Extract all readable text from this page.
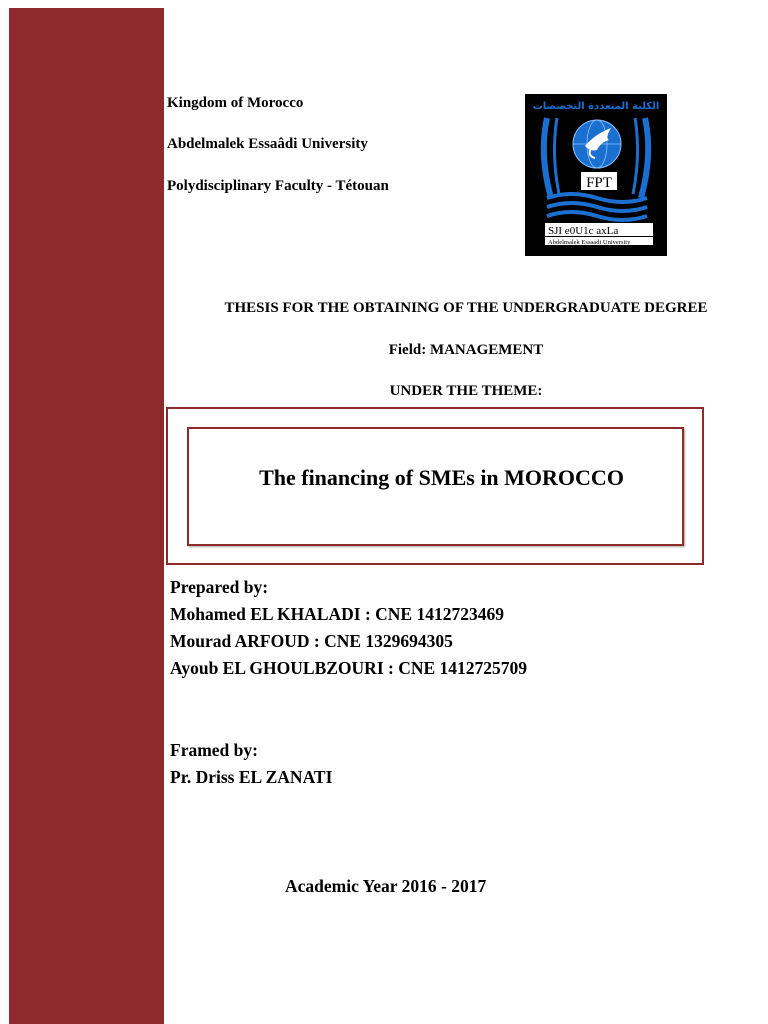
Kingdom of Morocco
Abdelmalek Essaâdi University
Polydisciplinary Faculty - Tétouan
الكلية المتعددة التخصصات
FPT
SJI e0U1c axLa
Abdelmalek Essaadi University
THESIS FOR THE OBTAINING OF THE UNDERGRADUATE DEGREE
Field: MANAGEMENT
UNDER THE THEME:
The financing of SMEs in MOROCCO
Prepared by:
Mohamed EL KHALADI : CNE 1412723469
Mourad ARFOUD : CNE 1329694305
Ayoub EL GHOULBZOURI : CNE 1412725709
Framed by:
Pr. Driss EL ZANATI
Academic Year 2016 - 2017
